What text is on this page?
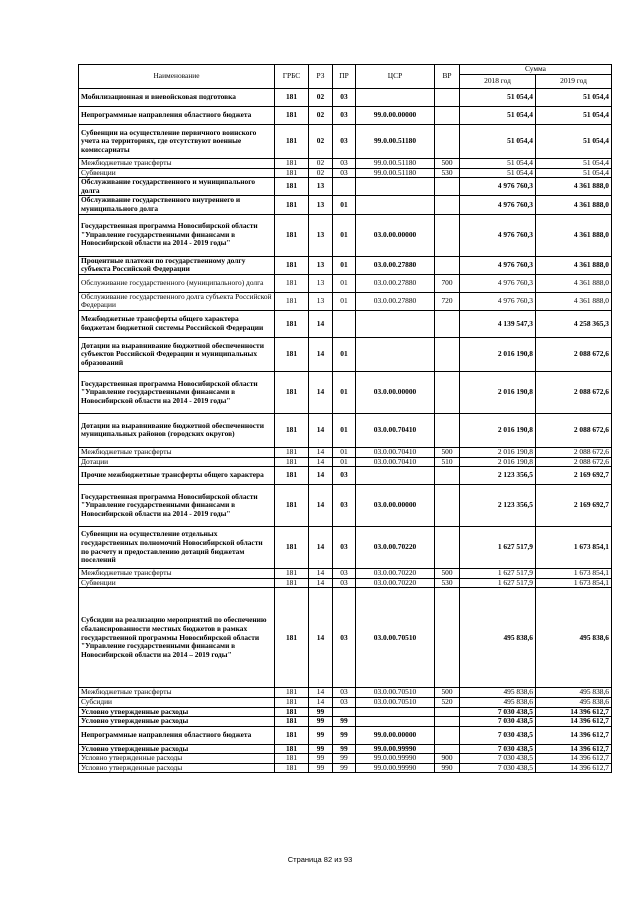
Наименование	ГРБС	РЗ	ПР	ЦСР	ВР	Сумма	
						2018 год	2019 год
Мобилизационная и вневойсковая подготовка	181	02	03			51 054,4	51 054,4
Непрограммные направления областного бюджета	181	02	03	99.0.00.00000		51 054,4	51 054,4
Субвенции на осуществление первичного воинского учета на территориях, где отсутствуют военные комиссариаты	181	02	03	99.0.00.51180		51 054,4	51 054,4
Межбюджетные трансферты	181	02	03	99.0.00.51180	500	51 054,4	51 054,4
Субвенции	181	02	03	99.0.00.51180	530	51 054,4	51 054,4
Обслуживание государственного и муниципального долга	181	13				4 976 760,3	4 361 888,0
Обслуживание государственного внутреннего и муниципального долга	181	13	01			4 976 760,3	4 361 888,0
Государственная программа Новосибирской области "Управление государственными финансами в Новосибирской области на 2014 - 2019 годы"	181	13	01	03.0.00.00000		4 976 760,3	4 361 888,0
Процентные платежи по государственному долгу субъекта Российской Федерации	181	13	01	03.0.00.27880		4 976 760,3	4 361 888,0
Обслуживание государственного (муниципального) долга	181	13	01	03.0.00.27880	700	4 976 760,3	4 361 888,0
Обслуживание государственного долга субъекта Российской Федерации	181	13	01	03.0.00.27880	720	4 976 760,3	4 361 888,0
Межбюджетные трансферты общего характера бюджетам бюджетной системы Российской Федерации	181	14				4 139 547,3	4 258 365,3
Дотации на выравнивание бюджетной обеспеченности субъектов Российской Федерации и муниципальных образований	181	14	01			2 016 190,8	2 088 672,6
Государственная программа Новосибирской области "Управление государственными финансами в Новосибирской области на 2014 - 2019 годы"	181	14	01	03.0.00.00000		2 016 190,8	2 088 672,6
Дотации на выравнивание бюджетной обеспеченности муниципальных районов (городских округов)	181	14	01	03.0.00.70410		2 016 190,8	2 088 672,6
Межбюджетные трансферты	181	14	01	03.0.00.70410	500	2 016 190,8	2 088 672,6
Дотации	181	14	01	03.0.00.70410	510	2 016 190,8	2 088 672,6
Прочие межбюджетные трансферты общего характера	181	14	03			2 123 356,5	2 169 692,7
Государственная программа Новосибирской области "Управление государственными финансами в Новосибирской области на 2014 - 2019 годы"	181	14	03	03.0.00.00000		2 123 356,5	2 169 692,7
Субвенции на осуществление отдельных государственных полномочий Новосибирской области по расчету и предоставлению дотаций бюджетам поселений	181	14	03	03.0.00.70220		1 627 517,9	1 673 854,1
Межбюджетные трансферты	181	14	03	03.0.00.70220	500	1 627 517,9	1 673 854,1
Субвенции	181	14	03	03.0.00.70220	530	1 627 517,9	1 673 854,1
Субсидии на реализацию мероприятий по обеспечению сбалансированности местных бюджетов в рамках государственной программы Новосибирской области "Управление государственными финансами в Новосибирской области на 2014 – 2019 годы"	181	14	03	03.0.00.70510		495 838,6	495 838,6
Межбюджетные трансферты	181	14	03	03.0.00.70510	500	495 838,6	495 838,6
Субсидии	181	14	03	03.0.00.70510	520	495 838,6	495 838,6
Условно утвержденные расходы	181	99				7 030 438,5	14 396 612,7
Условно утвержденные расходы	181	99	99			7 030 438,5	14 396 612,7
Непрограммные направления областного бюджета	181	99	99	99.0.00.00000		7 030 438,5	14 396 612,7
Условно утвержденные расходы	181	99	99	99.0.00.99990		7 030 438,5	14 396 612,7
Условно утвержденные расходы	181	99	99	99.0.00.99990	900	7 030 438,5	14 396 612,7
Условно утвержденные расходы	181	99	99	99.0.00.99990	990	7 030 438,5	14 396 612,7
Страница 82 из 93
